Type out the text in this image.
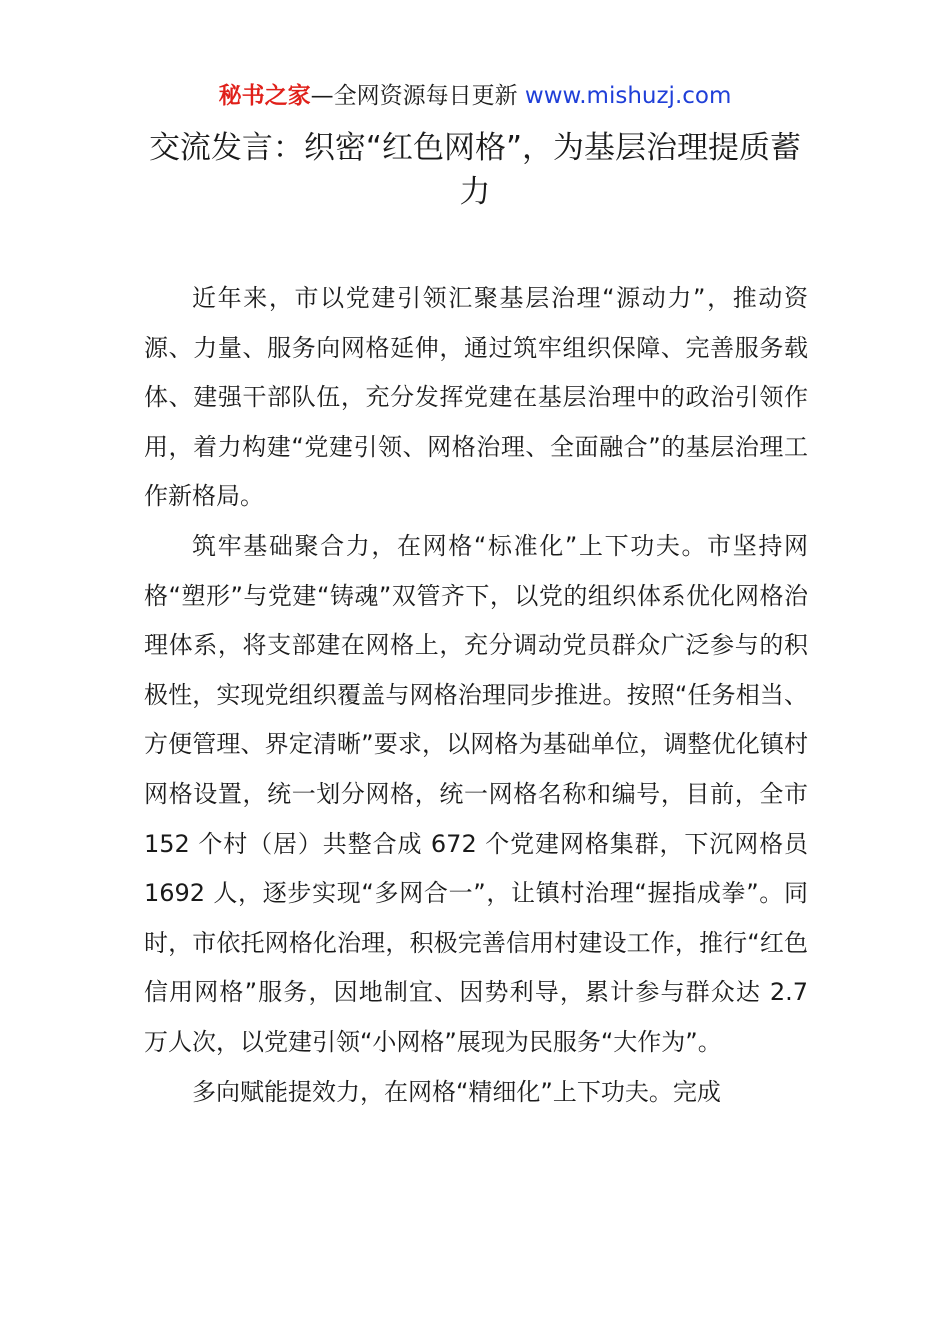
秘书之家—全网资源每日更新 www.mishuzj.com
交流发言：织密“红色网格”，为基层治理提质蓄力

近年来，市以党建引领汇聚基层治理“源动力”，推动资源、力量、服务向网格延伸，通过筑牢组织保障、完善服务载体、建强干部队伍，充分发挥党建在基层治理中的政治引领作用，着力构建“党建引领、网格治理、全面融合”的基层治理工作新格局。

筑牢基础聚合力，在网格“标准化”上下功夫。市坚持网格“塑形”与党建“铸魂”双管齐下，以党的组织体系优化网格治理体系，将支部建在网格上，充分调动党员群众广泛参与的积极性，实现党组织覆盖与网格治理同步推进。按照“任务相当、方便管理、界定清晰”要求，以网格为基础单位，调整优化镇村网格设置，统一划分网格，统一网格名称和编号，目前，全市 152 个村（居）共整合成 672 个党建网格集群，下沉网格员 1692 人，逐步实现“多网合一”，让镇村治理“握指成拳”。同时，市依托网格化治理，积极完善信用村建设工作，推行“红色信用网格”服务，因地制宜、因势利导，累计参与群众达 2.7 万人次，以党建引领“小网格”展现为民服务“大作为”。

多向赋能提效力，在网格“精细化”上下功夫。完成
